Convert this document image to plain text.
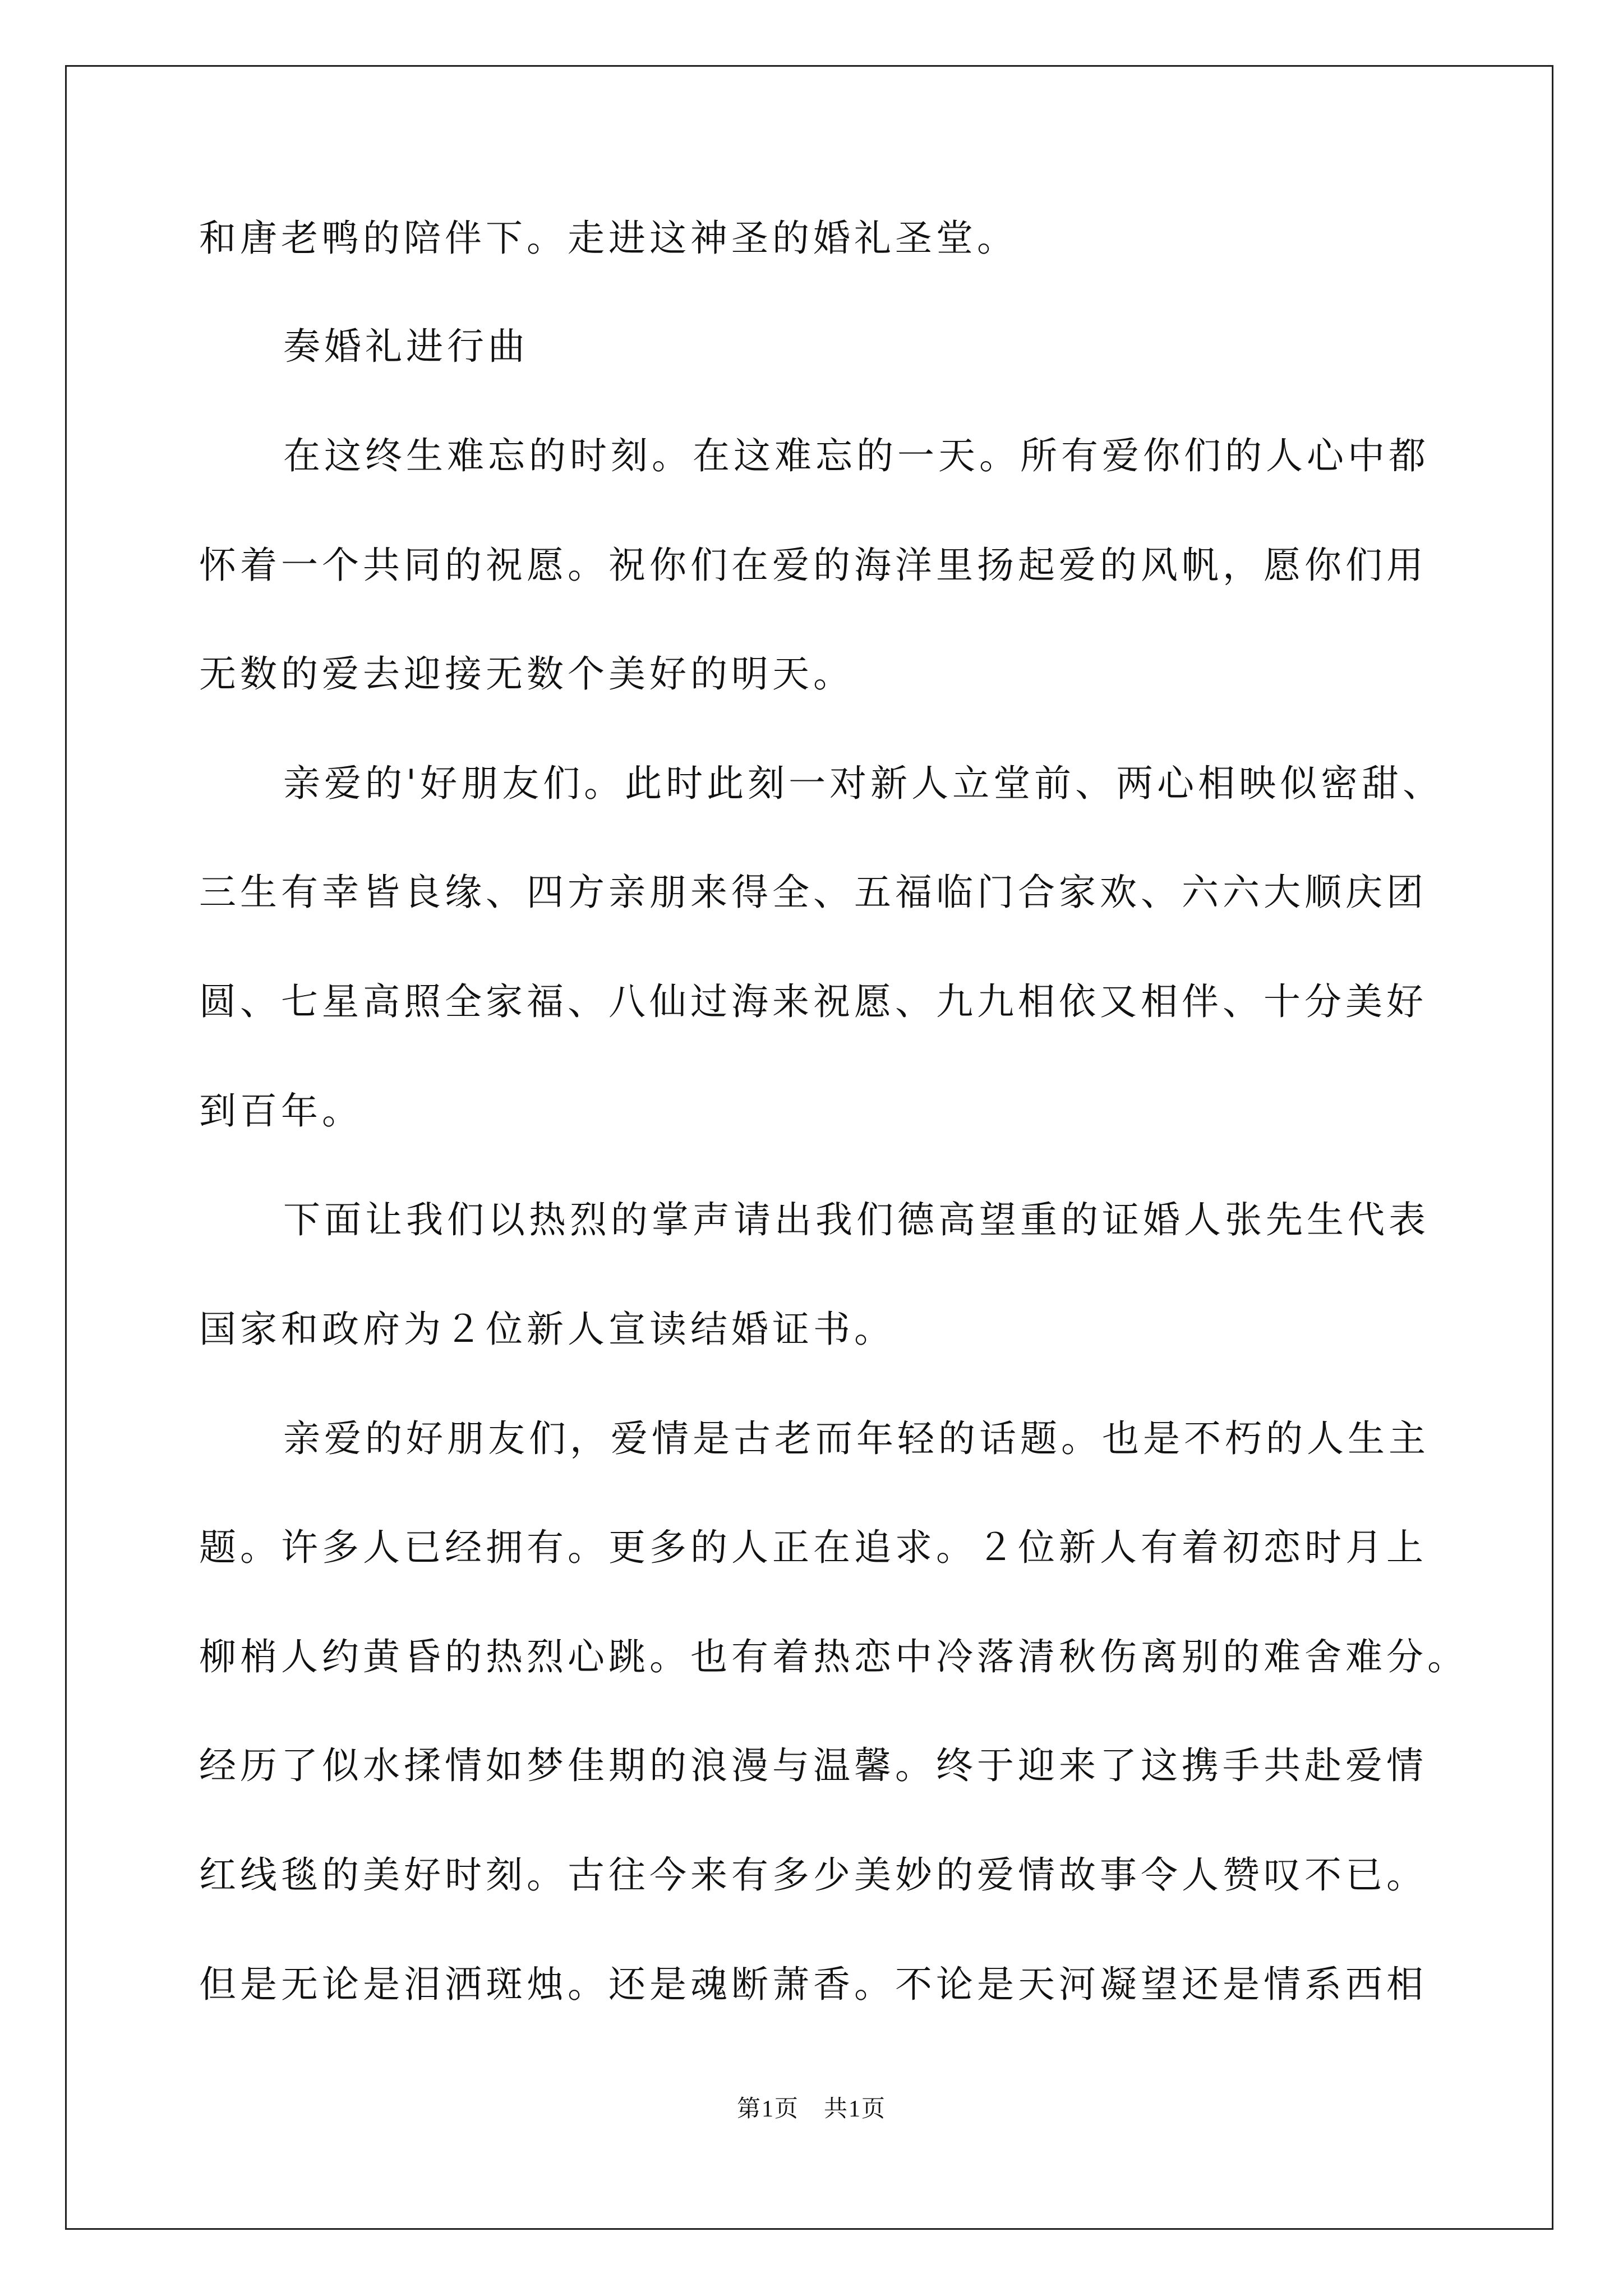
和唐老鸭的陪伴下。走进这神圣的婚礼圣堂。
奏婚礼进行曲
在这终生难忘的时刻。在这难忘的一天。所有爱你们的人心中都
怀着一个共同的祝愿。祝你们在爱的海洋里扬起爱的风帆，愿你们用
无数的爱去迎接无数个美好的明天。
亲爱的'好朋友们。此时此刻一对新人立堂前、两心相映似密甜、
三生有幸皆良缘、四方亲朋来得全、五福临门合家欢、六六大顺庆团
圆、七星高照全家福、八仙过海来祝愿、九九相依又相伴、十分美好
到百年。
下面让我们以热烈的掌声请出我们德高望重的证婚人张先生代表
国家和政府为２位新人宣读结婚证书。
亲爱的好朋友们，爱情是古老而年轻的话题。也是不朽的人生主
题。许多人已经拥有。更多的人正在追求。２位新人有着初恋时月上
柳梢人约黄昏的热烈心跳。也有着热恋中冷落清秋伤离别的难舍难分。
经历了似水揉情如梦佳期的浪漫与温馨。终于迎来了这携手共赴爱情
红线毯的美好时刻。古往今来有多少美妙的爱情故事令人赞叹不已。
但是无论是泪洒斑烛。还是魂断萧香。不论是天河凝望还是情系西相
第1页　共1页
